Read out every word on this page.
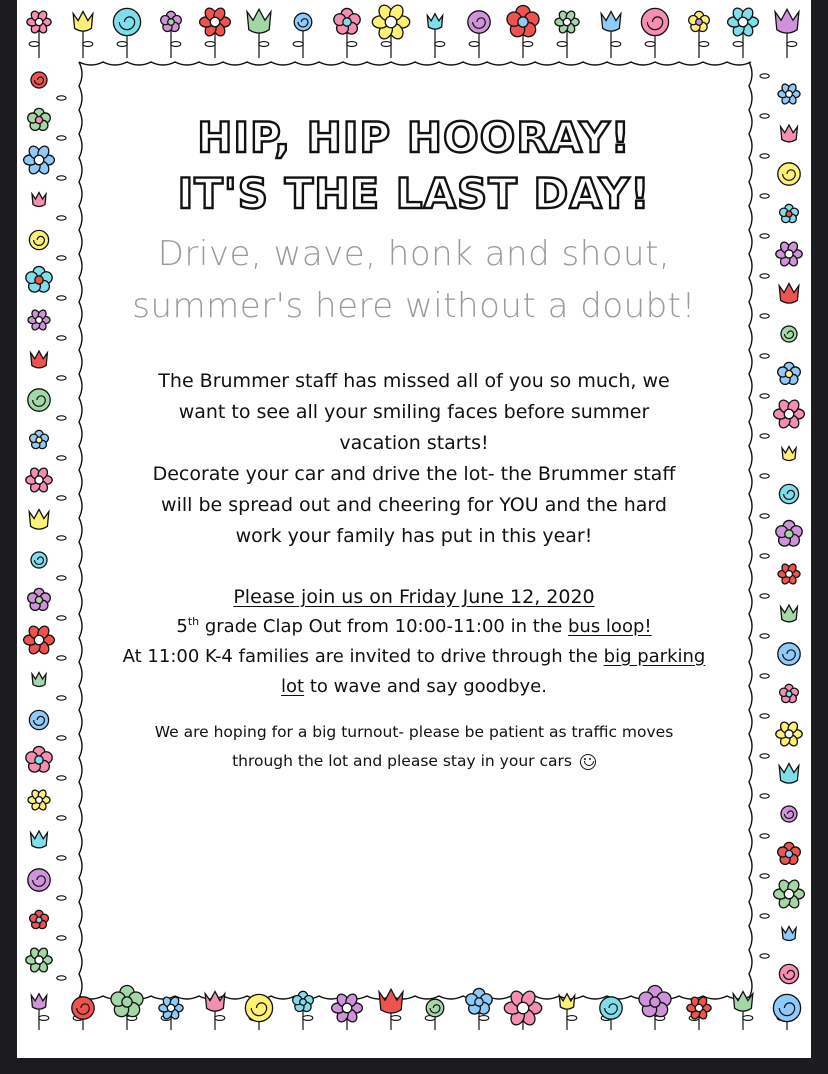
HIP, HIP HOORAY!
IT'S THE LAST DAY!
Drive, wave, honk and shout,
summer's here without a doubt!
The Brummer staff has missed all of you so much, we
want to see all your smiling faces before summer
vacation starts!
Decorate your car and drive the lot- the Brummer staff
will be spread out and cheering for YOU and the hard
work your family has put in this year!
Please join us on Friday June 12, 2020
5th grade Clap Out from 10:00-11:00 in the bus loop!
At 11:00 K-4 families are invited to drive through the big parking
lot to wave and say goodbye.
We are hoping for a big turnout- please be patient as traffic moves
through the lot and please stay in your cars
